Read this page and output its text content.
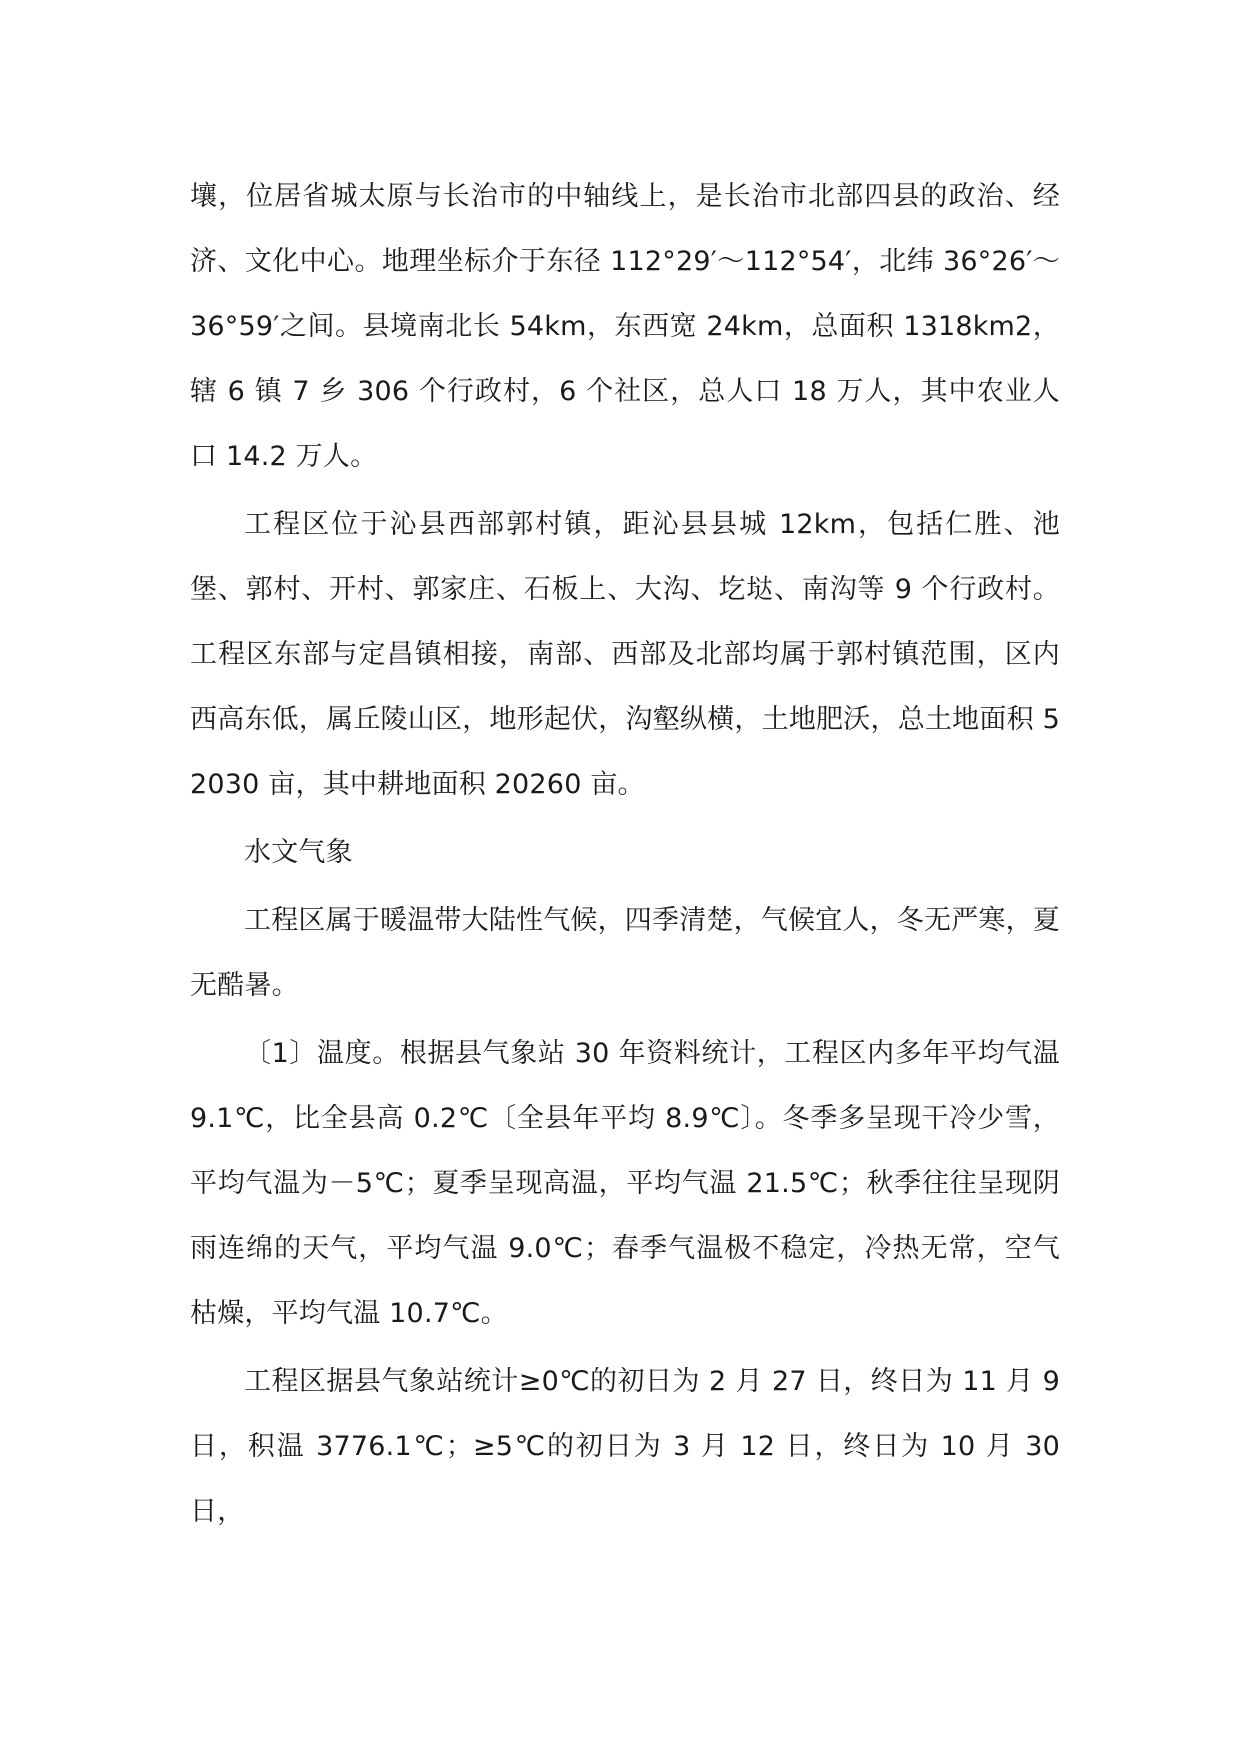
壤，位居省城太原与长治市的中轴线上，是长治市北部四县的政治、经济、文化中心。地理坐标介于东径 112°29′～112°54′，北纬 36°26′～36°59′之间。县境南北长 54km，东西宽 24km，总面积 1318km2，辖 6 镇 7 乡 306 个行政村，6 个社区，总人口 18 万人，其中农业人口 14.2 万人。

工程区位于沁县西部郭村镇，距沁县县城 12km，包括仁胜、池堡、郭村、开村、郭家庄、石板上、大沟、圪垯、南沟等 9 个行政村。工程区东部与定昌镇相接，南部、西部及北部均属于郭村镇范围，区内西高东低，属丘陵山区，地形起伏，沟壑纵横，土地肥沃，总土地面积 52030 亩，其中耕地面积 20260 亩。

水文气象

工程区属于暖温带大陆性气候，四季清楚，气候宜人，冬无严寒，夏无酷暑。

〔1〕温度。根据县气象站 30 年资料统计，工程区内多年平均气温 9.1℃，比全县高 0.2℃〔全县年平均 8.9℃〕。冬季多呈现干冷少雪，平均气温为－5℃；夏季呈现高温，平均气温 21.5℃；秋季往往呈现阴雨连绵的天气，平均气温 9.0℃；春季气温极不稳定，冷热无常，空气枯燥，平均气温 10.7℃。

工程区据县气象站统计≥0℃的初日为 2 月 27 日，终日为 11 月 9 日，积温 3776.1℃；≥5℃的初日为 3 月 12 日，终日为 10 月 30 日，
